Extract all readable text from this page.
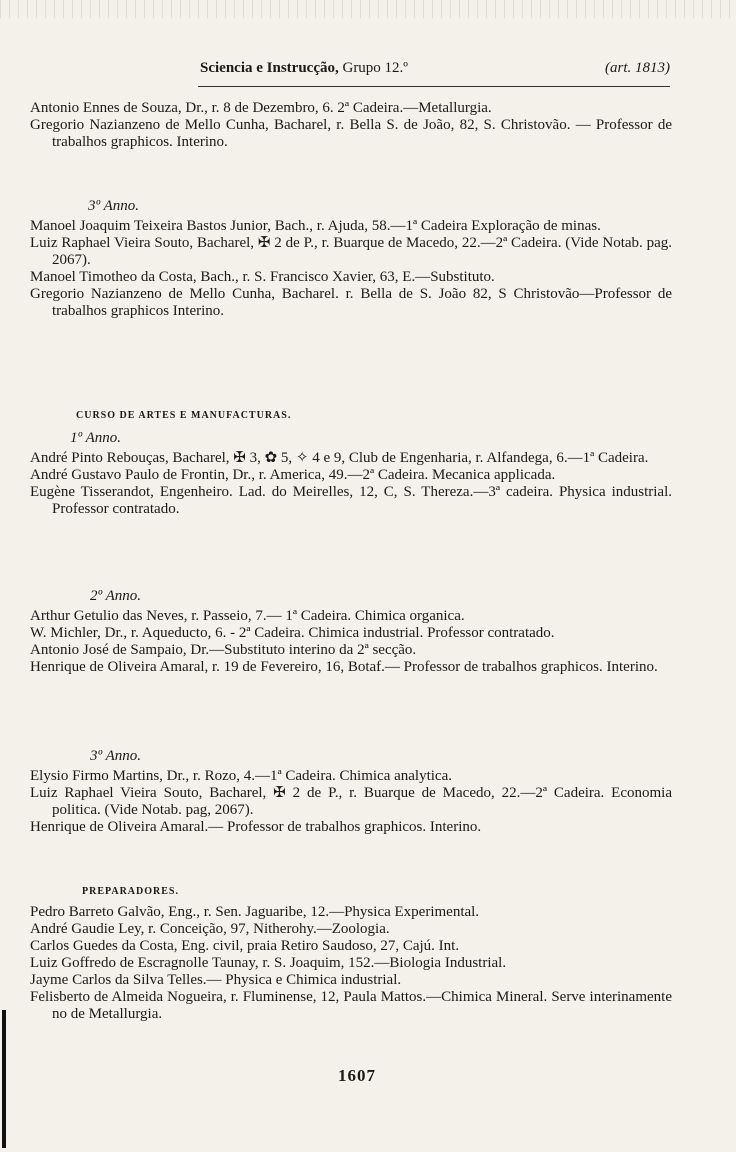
Sciencia e Instrucção, Grupo 12.º	(art. 1813)
Antonio Ennes de Souza, Dr., r. 8 de Dezembro, 6. 2ª Cadeira.—Metallurgia.
Gregorio Nazianzeno de Mello Cunha, Bacharel, r. Bella S. de João, 82, S. Christovão. — Professor de trabalhos graphicos. Interino.
3º Anno.
Manoel Joaquim Teixeira Bastos Junior, Bach., r. Ajuda, 58.—1ª Cadeira Exploração de minas.
Luiz Raphael Vieira Souto, Bacharel, ✠ 2 de P., r. Buarque de Macedo, 22.—2ª Cadeira. (Vide Notab. pag. 2067).
Manoel Timotheo da Costa, Bach., r. S. Francisco Xavier, 63, E.—Substituto.
Gregorio Nazianzeno de Mello Cunha, Bacharel. r. Bella de S. João 82, S Christovão—Professor de trabalhos graphicos Interino.
CURSO DE ARTES E MANUFACTURAS.
1º Anno.
André Pinto Rebouças, Bacharel, ✠ 3, ✿ 5, ✧ 4 e 9, Club de Engenharia, r. Alfandega, 6.—1ª Cadeira.
André Gustavo Paulo de Frontin, Dr., r. America, 49.—2ª Cadeira. Mecanica applicada.
Eugène Tisserandot, Engenheiro. Lad. do Meirelles, 12, C, S. Thereza.—3ª cadeira. Physica industrial. Professor contratado.
2º Anno.
Arthur Getulio das Neves, r. Passeio, 7.— 1ª Cadeira. Chimica organica.
W. Michler, Dr., r. Aqueducto, 6. - 2ª Cadeira. Chimica industrial. Professor contratado.
Antonio José de Sampaio, Dr.—Substituto interino da 2ª secção.
Henrique de Oliveira Amaral, r. 19 de Fevereiro, 16, Botaf.— Professor de trabalhos graphicos. Interino.
3º Anno.
Elysio Firmo Martins, Dr., r. Rozo, 4.—1ª Cadeira. Chimica analytica.
Luiz Raphael Vieira Souto, Bacharel, ✠ 2 de P., r. Buarque de Macedo, 22.—2ª Cadeira. Economia politica. (Vide Notab. pag, 2067).
Henrique de Oliveira Amaral.— Professor de trabalhos graphicos. Interino.
PREPARADORES.
Pedro Barreto Galvão, Eng., r. Sen. Jaguaribe, 12.—Physica Experimental.
André Gaudie Ley, r. Conceição, 97, Nitherohy.—Zoologia.
Carlos Guedes da Costa, Eng. civil, praia Retiro Saudoso, 27, Cajú. Int.
Luiz Goffredo de Escragnolle Taunay, r. S. Joaquim, 152.—Biologia Industrial.
Jayme Carlos da Silva Telles.— Physica e Chimica industrial.
Felisberto de Almeida Nogueira, r. Fluminense, 12, Paula Mattos.—Chimica Mineral. Serve interinamente no de Metallurgia.
1607
